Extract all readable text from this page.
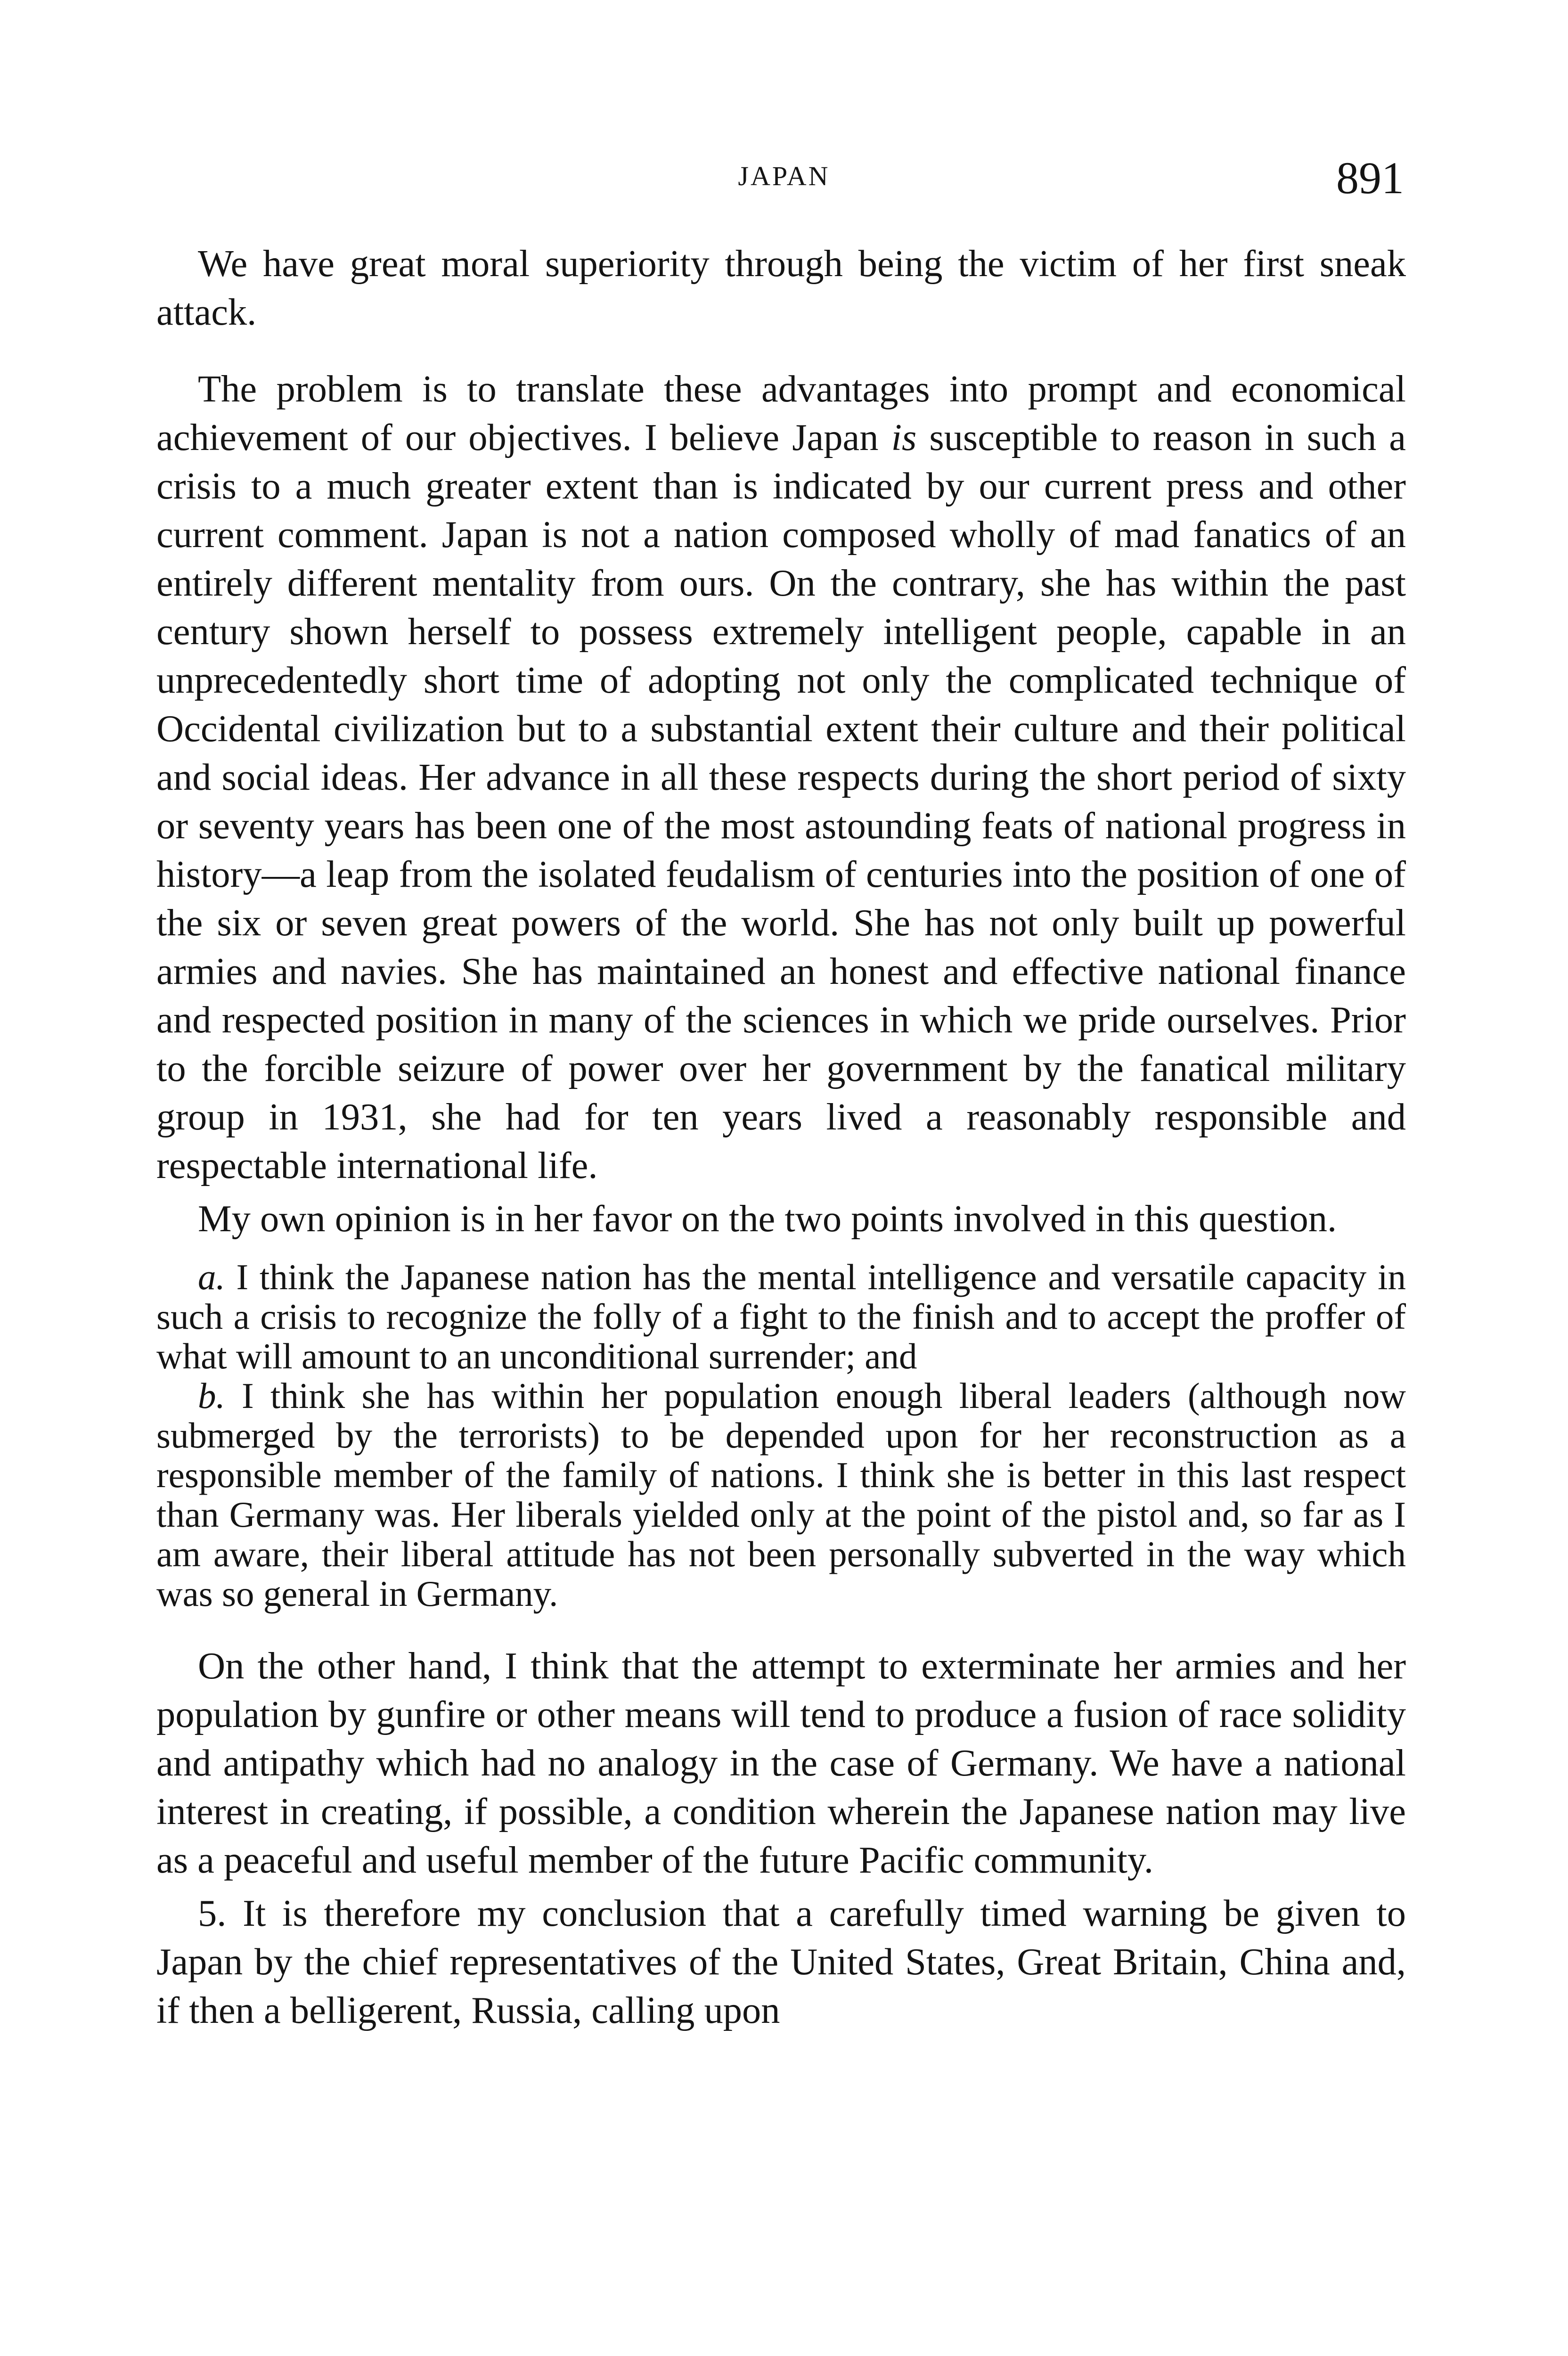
JAPAN	891

We have great moral superiority through being the victim of her first sneak attack.

The problem is to translate these advantages into prompt and economical achievement of our objectives. I believe Japan is susceptible to reason in such a crisis to a much greater extent than is indicated by our current press and other current comment. Japan is not a nation composed wholly of mad fanatics of an entirely different mentality from ours. On the contrary, she has within the past century shown herself to possess extremely intelligent people, capable in an unprecedentedly short time of adopting not only the complicated technique of Occidental civilization but to a substantial extent their culture and their political and social ideas. Her advance in all these respects during the short period of sixty or seventy years has been one of the most astounding feats of national progress in history—a leap from the isolated feudalism of centuries into the position of one of the six or seven great powers of the world. She has not only built up powerful armies and navies. She has maintained an honest and effective national finance and respected position in many of the sciences in which we pride ourselves. Prior to the forcible seizure of power over her government by the fanatical military group in 1931, she had for ten years lived a reasonably responsible and respectable international life.

My own opinion is in her favor on the two points involved in this question.

a. I think the Japanese nation has the mental intelligence and versatile capacity in such a crisis to recognize the folly of a fight to the finish and to accept the proffer of what will amount to an unconditional surrender; and

b. I think she has within her population enough liberal leaders (although now submerged by the terrorists) to be depended upon for her reconstruction as a responsible member of the family of nations. I think she is better in this last respect than Germany was. Her liberals yielded only at the point of the pistol and, so far as I am aware, their liberal attitude has not been personally subverted in the way which was so general in Germany.

On the other hand, I think that the attempt to exterminate her armies and her population by gunfire or other means will tend to produce a fusion of race solidity and antipathy which had no analogy in the case of Germany. We have a national interest in creating, if possible, a condition wherein the Japanese nation may live as a peaceful and useful member of the future Pacific community.

5. It is therefore my conclusion that a carefully timed warning be given to Japan by the chief representatives of the United States, Great Britain, China and, if then a belligerent, Russia, calling upon
